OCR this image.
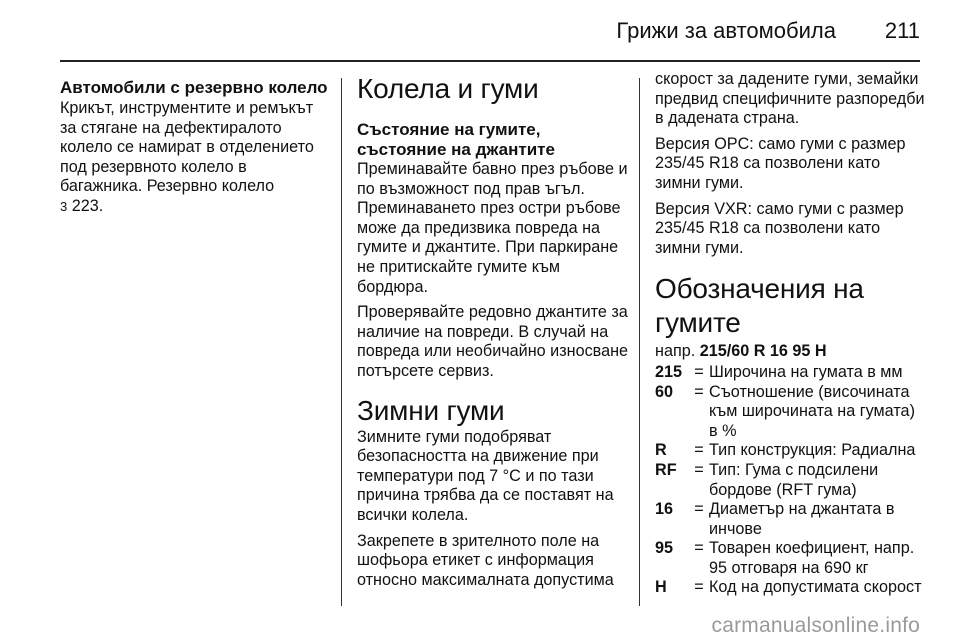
Грижи за автомобила 211
Автомобили с резервно колело
Крикът, инструментите и ремъкът за стягане на дефектиралото колело се намират в отделението под резервното колело в багажника. Резервно колело
3 223.
Колела и гуми
Състояние на гумите, състояние на джантите
Преминавайте бавно през ръбове и по възможност под прав ъгъл. Преминаването през остри ръбове може да предизвика повреда на гумите и джантите. При паркиране не притискайте гумите към бордюра.
Проверявайте редовно джантите за наличие на повреди. В случай на повреда или необичайно износване потърсете сервиз.
Зимни гуми
Зимните гуми подобряват безопасността на движение при температури под 7 °C и по тази причина трябва да се поставят на всички колела.
Закрепете в зрителното поле на шофьора етикет с информация относно максималната допустима
скорост за дадените гуми, земайки предвид специфичните разпоредби в дадената страна.
Версия OPC: само гуми с размер 235/45 R18 са позволени като зимни гуми.
Версия VXR: само гуми с размер 235/45 R18 са позволени като зимни гуми.
Обозначения на гумите
напр. 215/60 R 16 95 H
215 = Широчина на гумата в мм
60	= Съотношение (височината към широчината на гумата) в %
R	= Тип конструкция: Радиална
RF	= Тип: Гума с подсилени бордове (RFT гума)
16	= Диаметър на джантата в инчове
95	= Товарен коефициент, напр. 95 отговаря на 690 кг
H	= Код на допустимата скорост
carmanualsonline.info
